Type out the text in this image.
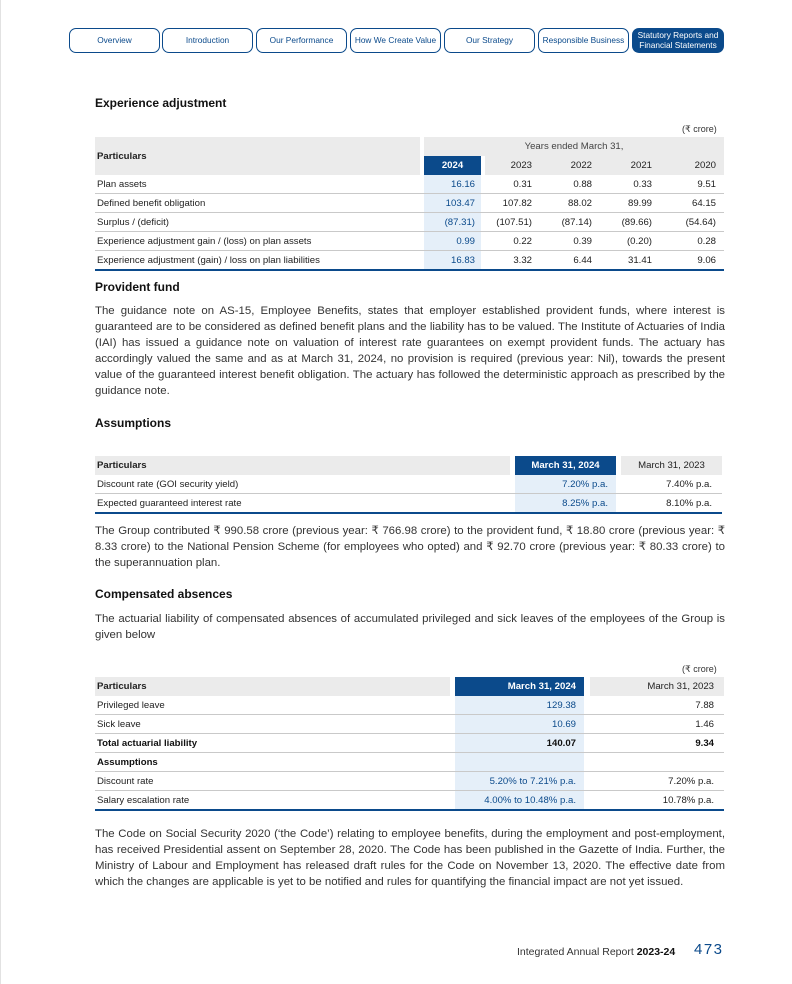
Overview	Introduction	Our Performance	How We Create Value	Our Strategy	Responsible Business	Statutory Reports and Financial Statements
Experience adjustment
(₹ crore)
Particulars
Years ended March 31,
2024	2023	2022	2021	2020
Plan assets	16.16	0.31	0.88	0.33	9.51
Defined benefit obligation	103.47	107.82	88.02	89.99	64.15
Surplus / (deficit)	(87.31)	(107.51)	(87.14)	(89.66)	(54.64)
Experience adjustment gain / (loss) on plan assets	0.99	0.22	0.39	(0.20)	0.28
Experience adjustment (gain) / loss on plan liabilities	16.83	3.32	6.44	31.41	9.06
Provident fund
The guidance note on AS-15, Employee Benefits, states that employer established provident funds, where interest is guaranteed are to be considered as defined benefit plans and the liability has to be valued. The Institute of Actuaries of India (IAI) has issued a guidance note on valuation of interest rate guarantees on exempt provident funds. The actuary has accordingly valued the same and as at March 31, 2024, no provision is required (previous year: Nil), towards the present value of the guaranteed interest benefit obligation. The actuary has followed the deterministic approach as prescribed by the guidance note.
Assumptions
Particulars	March 31, 2024	March 31, 2023
Discount rate (GOI security yield)	7.20% p.a.	7.40% p.a.
Expected guaranteed interest rate	8.25% p.a.	8.10% p.a.
The Group contributed ₹ 990.58 crore (previous year: ₹ 766.98 crore) to the provident fund, ₹ 18.80 crore (previous year: ₹ 8.33 crore) to the National Pension Scheme (for employees who opted) and ₹ 92.70 crore (previous year: ₹ 80.33 crore) to the superannuation plan.
Compensated absences
The actuarial liability of compensated absences of accumulated privileged and sick leaves of the employees of the Group is given below
(₹ crore)
Particulars	March 31, 2024	March 31, 2023
Privileged leave	129.38	7.88
Sick leave	10.69	1.46
Total actuarial liability	140.07	9.34
Assumptions
Discount rate	5.20% to 7.21% p.a.	7.20% p.a.
Salary escalation rate	4.00% to 10.48% p.a.	10.78% p.a.
The Code on Social Security 2020 (‘the Code’) relating to employee benefits, during the employment and post-employment, has received Presidential assent on September 28, 2020. The Code has been published in the Gazette of India. Further, the Ministry of Labour and Employment has released draft rules for the Code on November 13, 2020. The effective date from which the changes are applicable is yet to be notified and rules for quantifying the financial impact are not yet issued.
Integrated Annual Report 2023-24 473
